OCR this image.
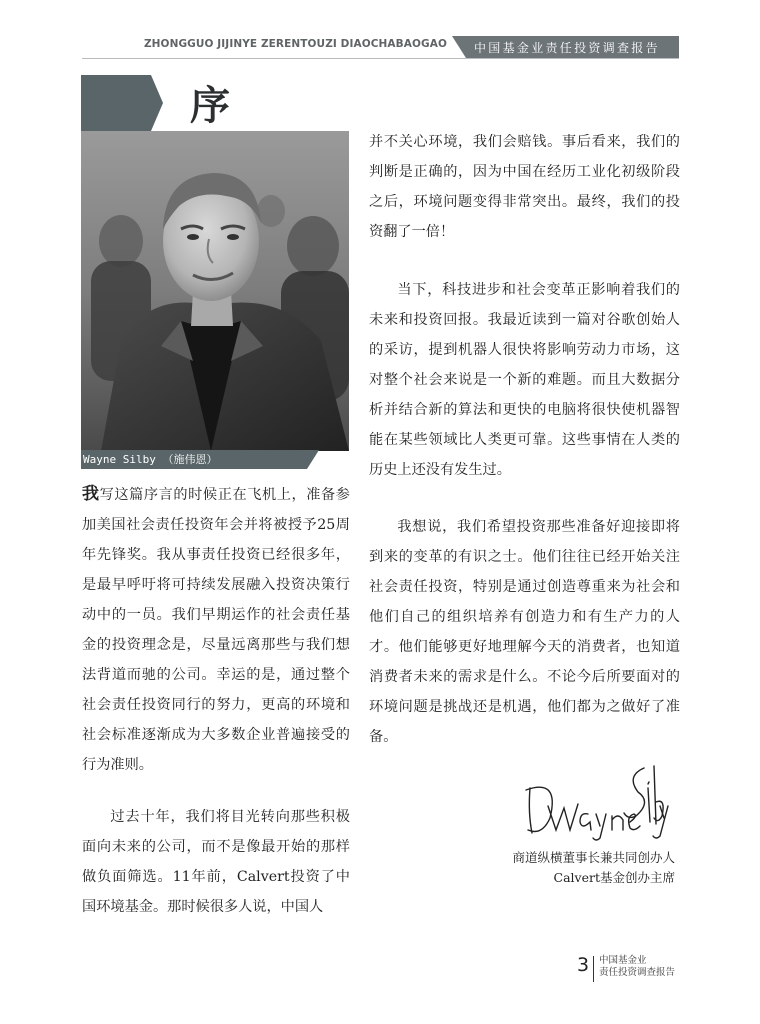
ZHONGGUO JIJINYE ZERENTOUZI DIAOCHABAOGAO 中国基金业责任投资调查报告
序
Wayne Silby （施伟恩）

我写这篇序言的时候正在飞机上，准备参加美国社会责任投资年会并将被授予25周年先锋奖。我从事责任投资已经很多年，是最早呼吁将可持续发展融入投资决策行动中的一员。我们早期运作的社会责任基金的投资理念是，尽量远离那些与我们想法背道而驰的公司。幸运的是，通过整个社会责任投资同行的努力，更高的环境和社会标准逐渐成为大多数企业普遍接受的行为准则。

过去十年，我们将目光转向那些积极面向未来的公司，而不是像最开始的那样做负面筛选。11年前，Calvert投资了中国环境基金。那时候很多人说，中国人

并不关心环境，我们会赔钱。事后看来，我们的判断是正确的，因为中国在经历工业化初级阶段之后，环境问题变得非常突出。最终，我们的投资翻了一倍！

当下，科技进步和社会变革正影响着我们的未来和投资回报。我最近读到一篇对谷歌创始人的采访，提到机器人很快将影响劳动力市场，这对整个社会来说是一个新的难题。而且大数据分析并结合新的算法和更快的电脑将很快使机器智能在某些领域比人类更可靠。这些事情在人类的历史上还没有发生过。

我想说，我们希望投资那些准备好迎接即将到来的变革的有识之士。他们往往已经开始关注社会责任投资，特别是通过创造尊重来为社会和他们自己的组织培养有创造力和有生产力的人才。他们能够更好地理解今天的消费者，也知道消费者未来的需求是什么。不论今后所要面对的环境问题是挑战还是机遇，他们都为之做好了准备。

DWayne Silby
商道纵横董事长兼共同创办人
Calvert基金创办主席
3 中国基金业
责任投资调查报告
